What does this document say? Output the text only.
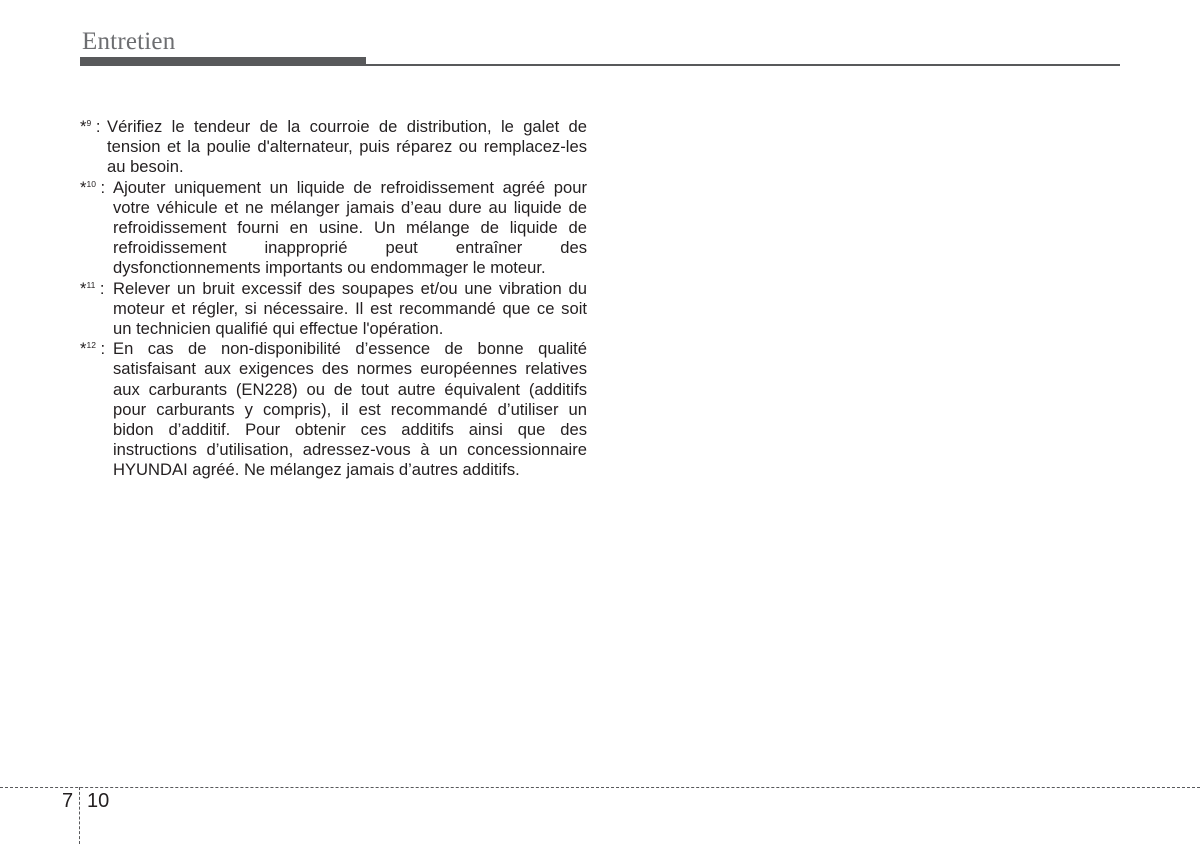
Entretien
*$^9$ : Vérifiez le tendeur de la courroie de distribution, le galet de tension et la poulie d'alternateur, puis réparez ou remplacez-les au besoin.
*$^{10}$ : Ajouter uniquement un liquide de refroidissement agréé pour votre véhicule et ne mélanger jamais d’eau dure au liquide de refroidissement fourni en usine. Un mélange de liquide de refroidissement inapproprié peut entraîner des dysfonctionnements importants ou endommager le moteur.
*$^{11}$ : Relever un bruit excessif des soupapes et/ou une vibration du moteur et régler, si nécessaire. Il est recommandé que ce soit un technicien qualifié qui effectue l'opération.
*$^{12}$ : En cas de non-disponibilité d’essence de bonne qualité satisfaisant aux exigences des normes européennes relatives aux carburants (EN228) ou de tout autre équivalent (additifs pour carburants y compris), il est recommandé d’utiliser un bidon d’additif. Pour obtenir ces additifs ainsi que des instructions d’utilisation, adressez-vous à un concessionnaire HYUNDAI agréé. Ne mélangez jamais d’autres additifs.
7 10
